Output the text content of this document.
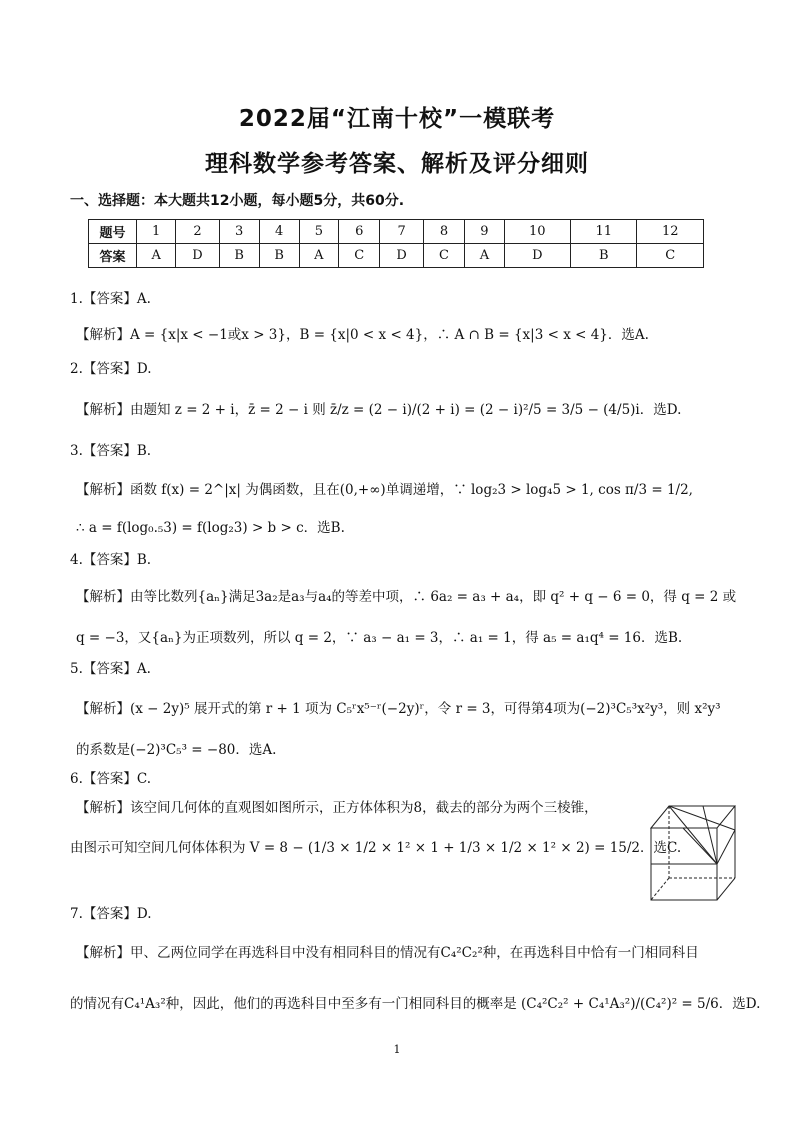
2022届“江南十校”一模联考
理科数学参考答案、解析及评分细则
一、选择题：本大题共12小题，每小题5分，共60分.
题号	1	2	3	4	5	6	7	8	9	10	11	12
答案	A	D	B	B	A	C	D	C	A	D	B	C
1.【答案】A.
【解析】A = {x|x < −1或x > 3}，B = {x|0 < x < 4}，∴ A ∩ B = {x|3 < x < 4}．选A.
2.【答案】D.
【解析】由题知 z = 2 + i，z̄ = 2 − i 则 z̄/z = (2 − i)/(2 + i) = (2 − i)²/5 = 3/5 − (4/5)i．选D.
3.【答案】B.
【解析】函数 f(x) = 2^|x| 为偶函数，且在(0,+∞)单调递增，∵ log₂3 > log₄5 > 1, cos π/3 = 1/2,
∴ a = f(log₀.₅3) = f(log₂3) > b > c．选B.
4.【答案】B.
【解析】由等比数列{aₙ}满足3a₂是a₃与a₄的等差中项，∴ 6a₂ = a₃ + a₄，即 q² + q − 6 = 0，得 q = 2 或
q = −3，又{aₙ}为正项数列，所以 q = 2，∵ a₃ − a₁ = 3，∴ a₁ = 1，得 a₅ = a₁q⁴ = 16．选B.
5.【答案】A.
【解析】(x − 2y)⁵ 展开式的第 r + 1 项为 C₅ʳx⁵⁻ʳ(−2y)ʳ，令 r = 3，可得第4项为(−2)³C₅³x²y³，则 x²y³
的系数是(−2)³C₅³ = −80．选A.
6.【答案】C.
【解析】该空间几何体的直观图如图所示，正方体体积为8，截去的部分为两个三棱锥，
由图示可知空间几何体体积为 V = 8 − (1/3 × 1/2 × 1² × 1 + 1/3 × 1/2 × 1² × 2) = 15/2．选C.
7.【答案】D.
【解析】甲、乙两位同学在再选科目中没有相同科目的情况有C₄²C₂²种，在再选科目中恰有一门相同科目
的情况有C₄¹A₃²种，因此，他们的再选科目中至多有一门相同科目的概率是 (C₄²C₂² + C₄¹A₃²)/(C₄²)² = 5/6．选D.
1
